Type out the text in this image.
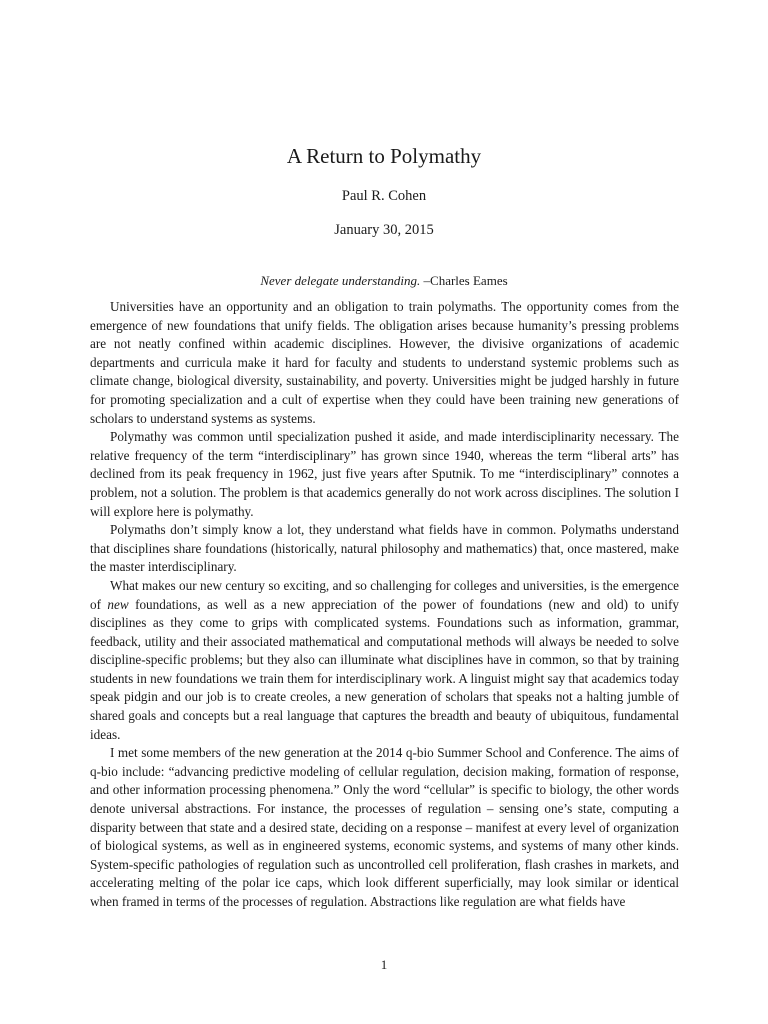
A Return to Polymathy
Paul R. Cohen
January 30, 2015
Never delegate understanding. –Charles Eames

Universities have an opportunity and an obligation to train polymaths. The opportunity comes from the emergence of new foundations that unify fields. The obligation arises because humanity’s pressing problems are not neatly confined within academic disciplines. However, the divisive organizations of academic departments and curricula make it hard for faculty and students to understand systemic problems such as climate change, biological diversity, sustainability, and poverty. Universities might be judged harshly in future for promoting specialization and a cult of expertise when they could have been training new generations of scholars to understand systems as systems.

Polymathy was common until specialization pushed it aside, and made interdisciplinarity necessary. The relative frequency of the term “interdisciplinary” has grown since 1940, whereas the term “liberal arts” has declined from its peak frequency in 1962, just five years after Sputnik. To me “interdisciplinary” connotes a problem, not a solution. The problem is that academics generally do not work across disciplines. The solution I will explore here is polymathy.

Polymaths don’t simply know a lot, they understand what fields have in common. Polymaths understand that disciplines share foundations (historically, natural philosophy and mathematics) that, once mastered, make the master interdisciplinary.

What makes our new century so exciting, and so challenging for colleges and universities, is the emergence of new foundations, as well as a new appreciation of the power of foundations (new and old) to unify disciplines as they come to grips with complicated systems. Foundations such as information, grammar, feedback, utility and their associated mathematical and computational methods will always be needed to solve discipline-specific problems; but they also can illuminate what disciplines have in common, so that by training students in new foundations we train them for interdisciplinary work. A linguist might say that academics today speak pidgin and our job is to create creoles, a new generation of scholars that speaks not a halting jumble of shared goals and concepts but a real language that captures the breadth and beauty of ubiquitous, fundamental ideas.

I met some members of the new generation at the 2014 q-bio Summer School and Conference. The aims of q-bio include: “advancing predictive modeling of cellular regulation, decision making, formation of response, and other information processing phenomena.” Only the word “cellular” is specific to biology, the other words denote universal abstractions. For instance, the processes of regulation – sensing one’s state, computing a disparity between that state and a desired state, deciding on a response – manifest at every level of organization of biological systems, as well as in engineered systems, economic systems, and systems of many other kinds. System-specific pathologies of regulation such as uncontrolled cell proliferation, flash crashes in markets, and accelerating melting of the polar ice caps, which look different superficially, may look similar or identical when framed in terms of the processes of regulation. Abstractions like regulation are what fields have

1
